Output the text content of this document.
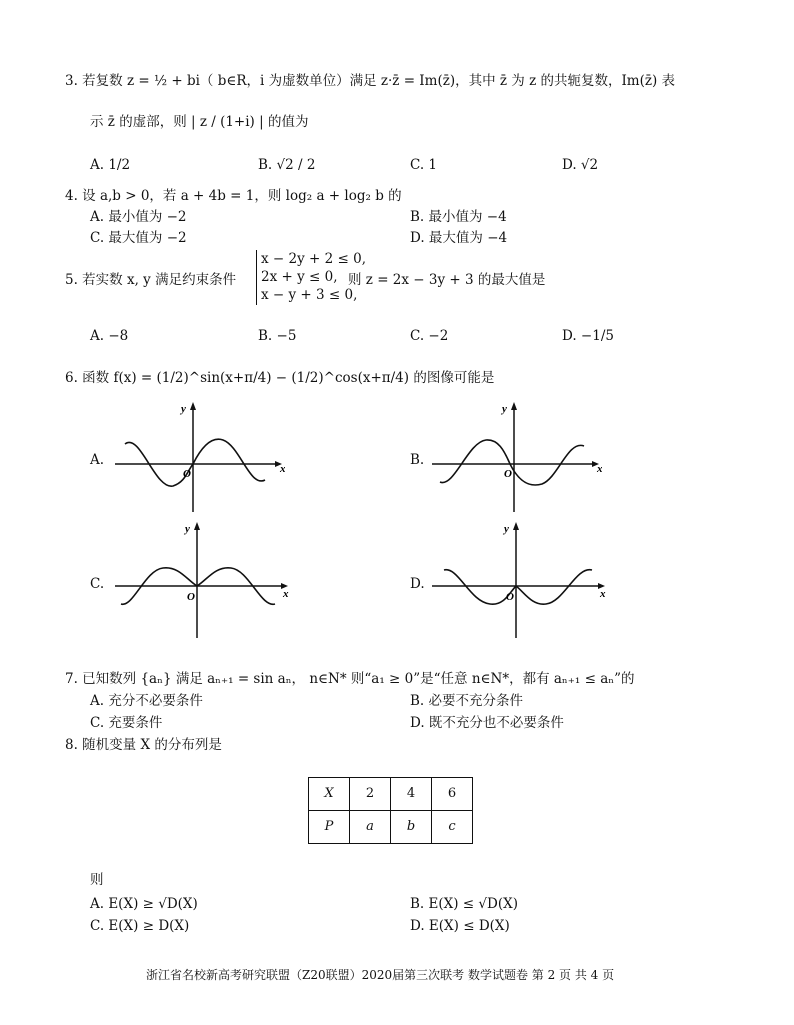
3. 若复数 z = ½ + bi（ b∈R，i 为虚数单位）满足 z·z̄ = Im(z̄)，其中 z̄ 为 z 的共轭复数，Im(z̄) 表
示 z̄ 的虚部，则 | z / (1+i) | 的值为
A. 1/2	B. √2 / 2	C. 1	D. √2
4. 设 a,b > 0，若 a + 4b = 1，则 log₂ a + log₂ b 的
A. 最小值为 −2	B. 最小值为 −4
C. 最大值为 −2	D. 最大值为 −4
5. 若实数 x, y 满足约束条件
x − 2y + 2 ≤ 0,
2x + y ≤ 0,
x − y + 3 ≤ 0,
则 z = 2x − 3y + 3 的最大值是
A. −8	B. −5	C. −2	D. −1/5
6. 函数 f(x) = (1/2)^sin(x+π/4) − (1/2)^cos(x+π/4) 的图像可能是
A.	B.
C.	D.
x
y
O	x
y
O
x
y
O	x
y
O
7. 已知数列 {aₙ} 满足 aₙ₊₁ = sin aₙ， n∈N* 则“a₁ ≥ 0”是“任意 n∈N*，都有 aₙ₊₁ ≤ aₙ”的
A. 充分不必要条件	B. 必要不充分条件
C. 充要条件	D. 既不充分也不必要条件
8. 随机变量 X 的分布列是
X	2	4	6
P	a	b	c
则
A. E(X) ≥ √D(X)	B. E(X) ≤ √D(X)
C. E(X) ≥ D(X)	D. E(X) ≤ D(X)
浙江省名校新高考研究联盟（Z20联盟）2020届第三次联考 数学试题卷 第 2 页 共 4 页
